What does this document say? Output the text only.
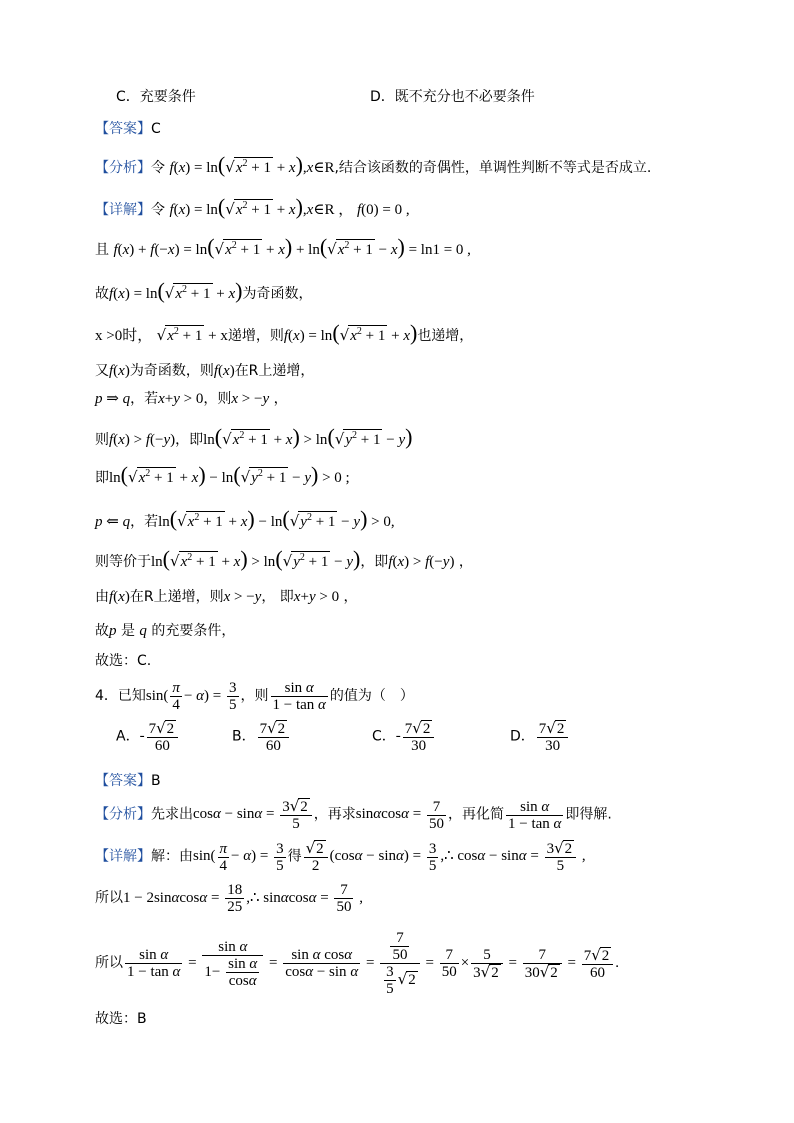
C．充要条件	D．既不充分也不必要条件
【答案】C
【分析】令 $f(x) = \ln(√x^2 + 1$ + x),x∈R,结合该函数的奇偶性，单调性判断不等式是否成立.
【详解】令 $f(x) = \ln(√x^2 + 1$ + x),x∈R ， f(0) = 0 ,
且 $f(x) + f(-x) = \ln(√x^2 + 1 + x) + \ln(√x^2 + 1 - x) = \ln 1 = 0$ ,
故$f(x) = \ln(√x^2 + 1 + x)$为奇函数，
x >0时， $√x^2 + 1 + x$递增，则$f(x) = \ln(√x^2 + 1 + x)$也递增，
又f(x)为奇函数，则f(x)在R上递增，
p ⇒ q，若x+y > 0，则x > −y ，
则f(x) > f(−y)，即$\ln(√x^2 + 1 + x) > \ln(√y^2 + 1 - y)$
即$\ln(√x^2 + 1 + x) - \ln(√y^2 + 1 - y) > 0$ ;
p ⇐ q，若$\ln(√x^2 + 1 + x) - \ln(√y^2 + 1 - y) > 0$,
则等价于$\ln(√x^2 + 1 + x) > \ln(√y^2 + 1 - y)$，即f(x) > f(−y) ，
由f(x)在R上递增，则x > −y， 即x+y > 0 ，
故p 是 q 的充要条件，
故选：C.
4．已知$\sin( \frac{\pi}{4} - \alpha) = \frac{3}{5}$ ，则 $\frac{\text{sin α}}{\text{1 − tan α}}$ 的值为（　）
A．- $\frac{7√2}{60}$	B． $\frac{7√2}{60}$	C．- $\frac{7√2}{30}$	D． $\frac{7√2}{30}$
【答案】B
【分析】先求出$\cos\alpha - \sin\alpha = \frac{3√2}{5}$ ，再求$\sin\alpha\cos\alpha = \frac{7}{50}$ ，再化简 $\frac{\text{sin α}}{\text{1 − tan α}}$ 即得解.
【详解】解：由$\sin( \frac{\pi}{4} - \alpha) = \frac{3}{5}$ 得 $\frac{√2}{2} (\cos\alpha - \sin\alpha) = \frac{3}{5}$ ,∴ $\cos\alpha - \sin\alpha = \frac{3√2}{5}$ ,
所以$1 - 2\sin\alpha\cos\alpha = \frac{18}{25}$ ,∴ $\sin\alpha\cos\alpha = \frac{7}{50}$ ,
所以 $\frac{\text{sin α}}{\text{1 − tan α}} = \frac{\text{sin α}}{1- \frac{\text{sin α}}{\cos\alpha}} = \frac{\text{sin α cosα}}{\text{cosα − sin α}} = \frac{\frac{7}{50}}{\frac{3}{5} √2} = \frac{7}{50} \times \frac{5}{3√2} = \frac{7}{30√2} = \frac{7√2}{60}$ .
故选：B
